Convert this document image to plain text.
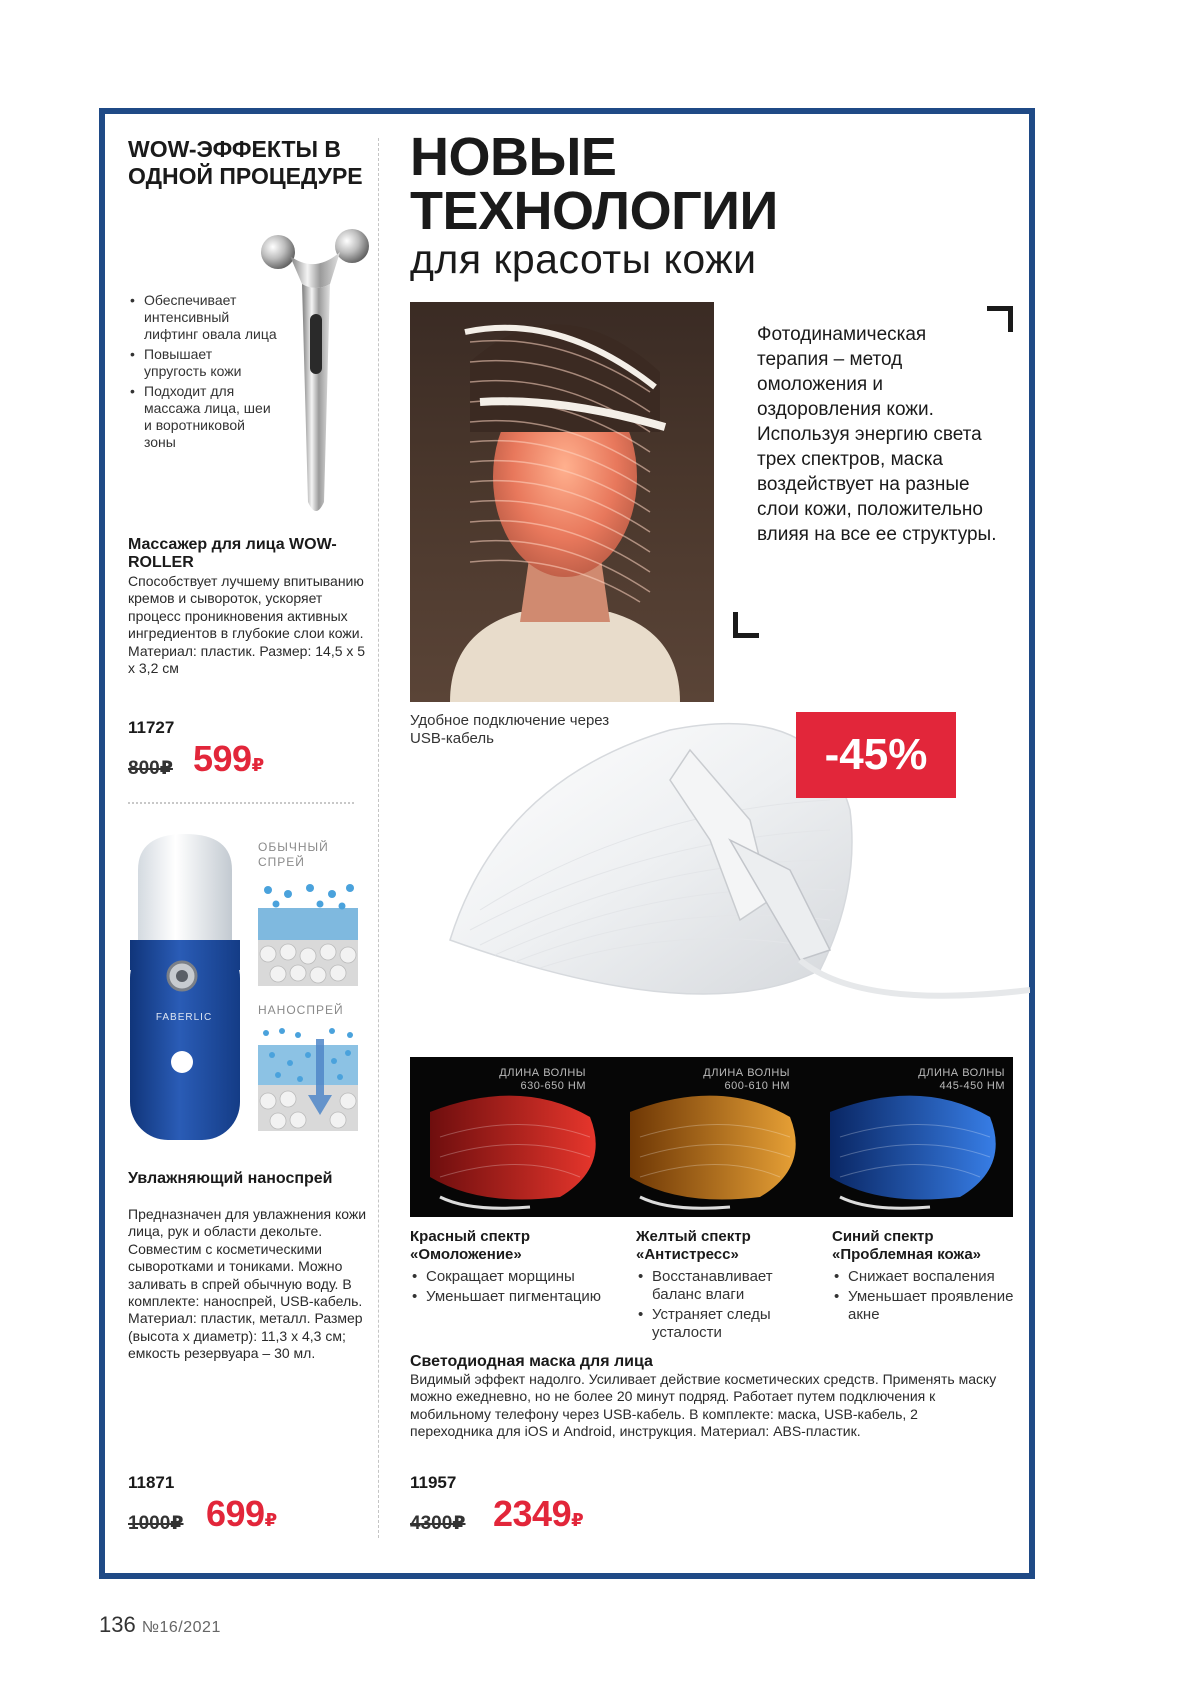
WOW-ЭФФЕКТЫ В ОДНОЙ ПРОЦЕДУРЕ
• Обеспечивает интенсивный лифтинг овала лица
• Повышает упругость кожи
• Подходит для массажа лица, шеи и воротниковой зоны
Массажер для лица WOW-ROLLER
Способствует лучшему впитыванию кремов и сывороток, ускоряет процесс проникновения активных ингредиентов в глубокие слои кожи. Материал: пластик. Размер: 14,5 х 5 х 3,2 см
11727
800₽ 599₽
FABERLIC
ОБЫЧНЫЙ СПРЕЙ
НАНОСПРЕЙ
Увлажняющий наноспрей
Предназначен для увлажнения кожи лица, рук и области декольте. Совместим с косметическими сыворотками и тониками. Можно заливать в спрей обычную воду. В комплекте: наноспрей, USB-кабель. Материал: пластик, металл. Размер (высота х диаметр): 11,3 х 4,3 см; емкость резервуара – 30 мл.
11871
1000₽ 699₽
НОВЫЕ
ТЕХНОЛОГИИ
для красоты кожи
Фотодинамическая терапия – метод омоложения и оздоровления кожи. Используя энергию света трех спектров, маска воздействует на разные слои кожи, положительно влияя на все ее структуры.
Удобное подключение через USB-кабель	-45%
ДЛИНА ВОЛНЫ 630-650 НМ
ДЛИНА ВОЛНЫ 600-610 НМ
ДЛИНА ВОЛНЫ 445-450 НМ
Красный спектр «Омоложение»
• Сокращает морщины
• Уменьшает пигментацию
Желтый спектр «Антистресс»
• Восстанавливает баланс влаги
• Устраняет следы усталости
Синий спектр «Проблемная кожа»
• Снижает воспаления
• Уменьшает проявление акне
Светодиодная маска для лица
Видимый эффект надолго. Усиливает действие косметических средств. Применять маску можно ежедневно, но не более 20 минут подряд. Работает путем подключения к мобильному телефону через USB-кабель. В комплекте: маска, USB-кабель, 2 переходника для iOS и Android, инструкция. Материал: ABS-пластик.
11957
4300₽ 2349₽
136 №16/2021
